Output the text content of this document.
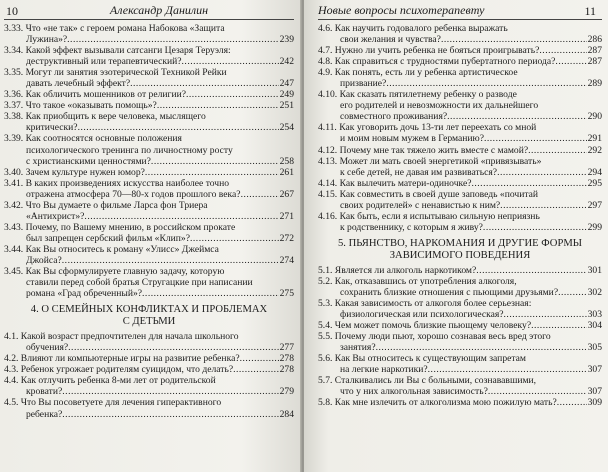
10	Александр Данилин
3.33. Что «не так» с героем романа Набокова «Защита
Лужина»? .....	239
3.34. Какой эффект вызывали сатсанги Цезаря Теруэля:
деструктивный или терапевтический? .....	242
3.35. Могут ли занятия эзотерической Техникой Рейки
давать лечебный эффект? .....	247
3.36. Как обличить мошенников от религии? .....	249
3.37. Что такое «оказывать помощь»? .....	251
3.38. Как приобщить к вере человека, мыслящего
критически? .....	254
3.39. Как соотносятся основные положения
психологического тренинга по личностному росту
с христианскими ценностями? .....	258
3.40. Зачем культуре нужен юмор? .....	261
3.41. В каких произведениях искусства наиболее точно
отражена атмосфера 70—80-х годов прошлого века? .....	267
3.42. Что Вы думаете о фильме Ларса фон Триера
«Антихрист»? .....	271
3.43. Почему, по Вашему мнению, в российском прокате
был запрещен сербский фильм «Клип»? .....	272
3.44. Как Вы относитесь к роману «Улисс» Джеймса
Джойса? .....	274
3.45. Как Вы сформулируете главную задачу, которую
ставили перед собой братья Стругацкие при написании
романа «Град обреченный»? .....	275
4. О СЕМЕЙНЫХ КОНФЛИКТАХ И ПРОБЛЕМАХ
С ДЕТЬМИ
4.1. Какой возраст предпочтителен для начала школьного
обучения? .....	277
4.2. Влияют ли компьютерные игры на развитие ребенка? .....	278
4.3. Ребенок угрожает родителям суицидом, что делать? .....	278
4.4. Как отлучить ребенка 8-ми лет от родительской
кровати? .....	279
4.5. Что Вы посоветуете для лечения гиперактивного
ребенка? .....	284
Новые вопросы психотерапевту	11
4.6. Как научить годовалого ребенка выражать
свои желания и чувства? .....	286
4.7. Нужно ли учить ребенка не бояться проигрывать? .....	287
4.8. Как справиться с трудностями пубертатного периода? .....	287
4.9. Как понять, есть ли у ребенка артистическое
призвание? .....	289
4.10. Как сказать пятилетнему ребенку о разводе
его родителей и невозможности их дальнейшего
совместного проживания? .....	290
4.11. Как уговорить дочь 13-ти лет переехать со мной
и моим новым мужем в Германию? .....	291
4.12. Почему мне так тяжело жить вместе с мамой? .....	292
4.13. Может ли мать своей энергетикой «привязывать»
к себе детей, не давая им развиваться? .....	294
4.14. Как вылечить матери-одиночке? .....	295
4.15. Как совместить в своей душе заповедь «почитай
своих родителей» с ненавистью к ним? .....	297
4.16. Как быть, если я испытываю сильную неприязнь
к родственнику, с которым я живу? .....	299
5. ПЬЯНСТВО, НАРКОМАНИЯ И ДРУГИЕ ФОРМЫ
ЗАВИСИМОГО ПОВЕДЕНИЯ
5.1. Является ли алкоголь наркотиком? .....	301
5.2. Как, отказавшись от употребления алкоголя,
сохранить близкие отношения с пьющими друзьями? .....	302
5.3. Какая зависимость от алкоголя более серьезная:
физиологическая или психологическая? .....	303
5.4. Чем может помочь близкие пьющему человеку? .....	304
5.5. Почему люди пьют, хорошо сознавая весь вред этого
занятия? .....	305
5.6. Как Вы относитесь к существующим запретам
на легкие наркотики? .....	307
5.7. Сталкивались ли Вы с больными, сознававшими,
что у них алкогольная зависимость? .....	307
5.8. Как мне излечить от алкоголизма мою пожилую мать? .....	309
